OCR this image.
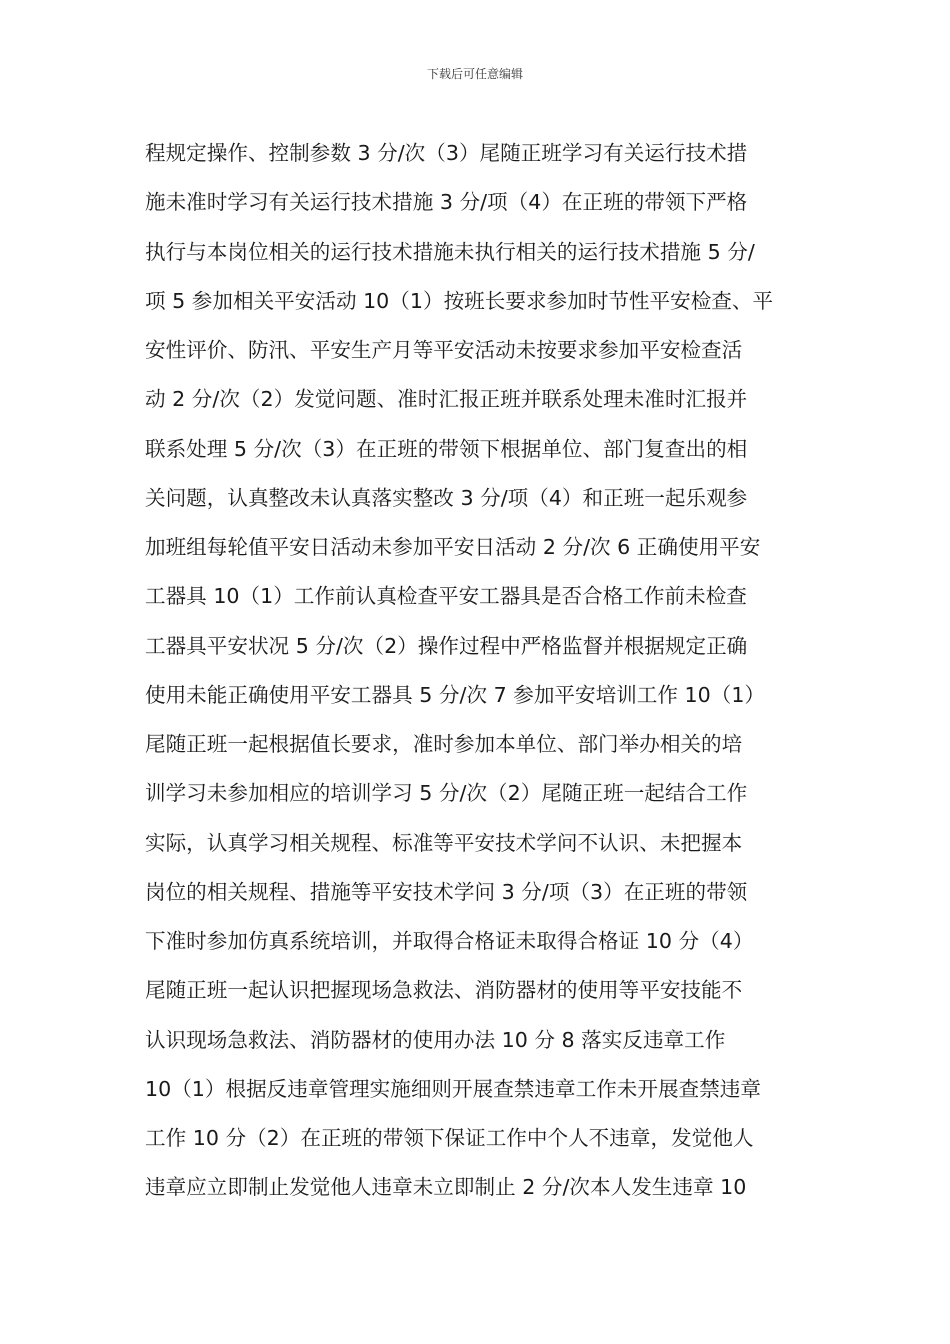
下载后可任意编辑
程规定操作、控制参数 3 分/次（3）尾随正班学习有关运行技术措
施未准时学习有关运行技术措施 3 分/项（4）在正班的带领下严格
执行与本岗位相关的运行技术措施未执行相关的运行技术措施 5 分/
项 5 参加相关平安活动 10（1）按班长要求参加时节性平安检查、平
安性评价、防汛、平安生产月等平安活动未按要求参加平安检查活
动 2 分/次（2）发觉问题、准时汇报正班并联系处理未准时汇报并
联系处理 5 分/次（3）在正班的带领下根据单位、部门复查出的相
关问题，认真整改未认真落实整改 3 分/项（4）和正班一起乐观参
加班组每轮值平安日活动未参加平安日活动 2 分/次 6 正确使用平安
工器具 10（1）工作前认真检查平安工器具是否合格工作前未检查
工器具平安状况 5 分/次（2）操作过程中严格监督并根据规定正确
使用未能正确使用平安工器具 5 分/次 7 参加平安培训工作 10（1）
尾随正班一起根据值长要求，准时参加本单位、部门举办相关的培
训学习未参加相应的培训学习 5 分/次（2）尾随正班一起结合工作
实际，认真学习相关规程、标准等平安技术学问不认识、未把握本
岗位的相关规程、措施等平安技术学问 3 分/项（3）在正班的带领
下准时参加仿真系统培训，并取得合格证未取得合格证 10 分（4）
尾随正班一起认识把握现场急救法、消防器材的使用等平安技能不
认识现场急救法、消防器材的使用办法 10 分 8 落实反违章工作
10（1）根据反违章管理实施细则开展查禁违章工作未开展查禁违章
工作 10 分（2）在正班的带领下保证工作中个人不违章，发觉他人
违章应立即制止发觉他人违章未立即制止 2 分/次本人发生违章 10
